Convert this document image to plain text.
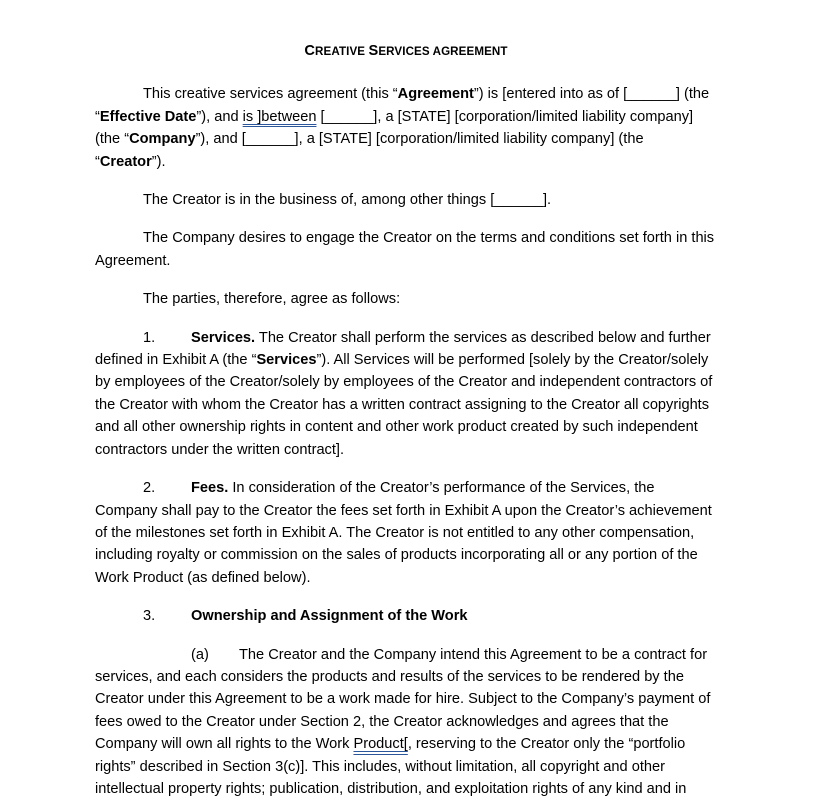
CREATIVE SERVICES AGREEMENT

This creative services agreement (this “Agreement”) is [entered into as of [______] (the “Effective Date”), and is ]between [______], a [STATE] [corporation/limited liability company] (the “Company”), and [______], a [STATE] [corporation/limited liability company] (the “Creator”).

The Creator is in the business of, among other things [______].

The Company desires to engage the Creator on the terms and conditions set forth in this Agreement.

The parties, therefore, agree as follows:

1. Services. The Creator shall perform the services as described below and further defined in Exhibit A (the “Services”). All Services will be performed [solely by the Creator/solely by employees of the Creator/solely by employees of the Creator and independent contractors of the Creator with whom the Creator has a written contract assigning to the Creator all copyrights and all other ownership rights in content and other work product created by such independent contractors under the written contract].

2. Fees. In consideration of the Creator’s performance of the Services, the Company shall pay to the Creator the fees set forth in Exhibit A upon the Creator’s achievement of the milestones set forth in Exhibit A. The Creator is not entitled to any other compensation, including royalty or commission on the sales of products incorporating all or any portion of the Work Product (as defined below).

3. Ownership and Assignment of the Work

(a) The Creator and the Company intend this Agreement to be a contract for services, and each considers the products and results of the services to be rendered by the Creator under this Agreement to be a work made for hire. Subject to the Company’s payment of fees owed to the Creator under Section 2, the Creator acknowledges and agrees that the Company will own all rights to the Work Product[, reserving to the Creator only the “portfolio rights” described in Section 3(c)]. This includes, without limitation, all copyright and other intellectual property rights; publication, distribution, and exploitation rights of any kind and in
